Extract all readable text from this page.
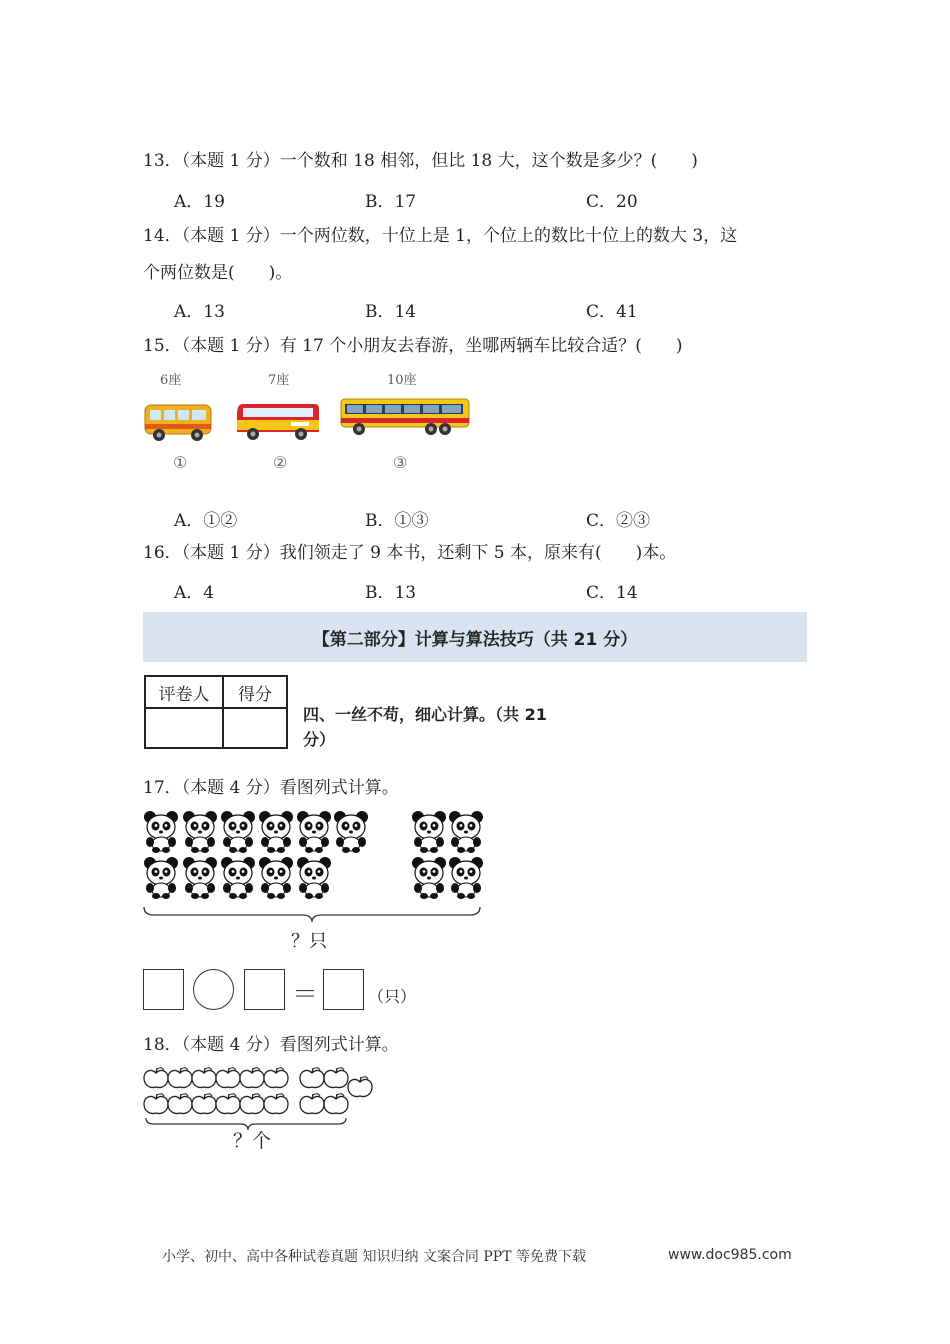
13．（本题 1 分）一个数和 18 相邻，但比 18 大，这个数是多少？(　　)
A．19	B．17	C．20
14．（本题 1 分）一个两位数，十位上是 1，个位上的数比十位上的数大 3，这
个两位数是(　　)。
A．13	B．14	C．41
15．（本题 1 分）有 17 个小朋友去春游，坐哪两辆车比较合适？(　　)
6座	7座	10座
①	②	③
A．①②	B．①③	C．②③
16．（本题 1 分）我们领走了 9 本书，还剩下 5 本，原来有(　　)本。
A．4	B．13	C．14
【第二部分】计算与算法技巧（共 21 分）
评卷人	得分

四、一丝不苟，细心计算。（共 21
分）
17．（本题 4 分）看图列式计算。
？只
＝	（只）
18．（本题 4 分）看图列式计算。
？个
小学、初中、高中各种试卷真题 知识归纳 文案合同 PPT 等免费下载	www.doc985.com
